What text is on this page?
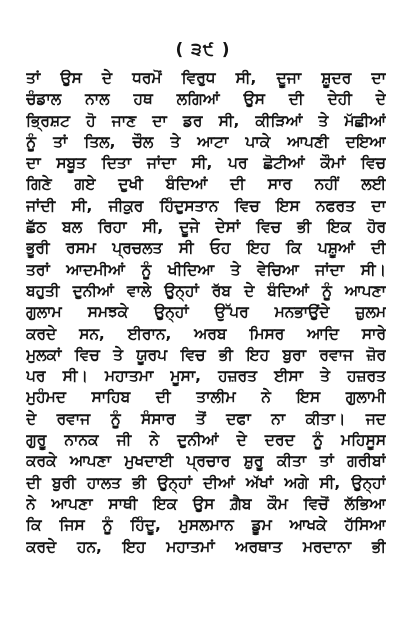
( ੩੯ )
ਤਾਂ ਉਸ ਦੇ ਧਰਮੋਂ ਵਿਰੁਧ ਸੀ, ਦੂਜਾ ਸ਼ੂਦਰ ਦਾ
ਚੰਡਾਲ ਨਾਲ ਹਥ ਲਗਿਆਂ ਉਸ ਦੀ ਦੇਹੀ ਦੇ
ਭ੍ਰਿਸ਼ਟ ਹੋ ਜਾਣ ਦਾ ਡਰ ਸੀ, ਕੀੜਿਆਂ ਤੇ ਮੱਛੀਆਂ
ਨੂੰ ਤਾਂ ਤਿਲ, ਚੌਲ ਤੇ ਆਟਾ ਪਾਕੇ ਆਪਣੀ ਦਇਆ
ਦਾ ਸਬੂਤ ਦਿਤਾ ਜਾਂਦਾ ਸੀ, ਪਰ ਛੋਟੀਆਂ ਕੌਮਾਂ ਵਿਚ
ਗਿਣੇ ਗਏ ਦੁਖੀ ਬੰਦਿਆਂ ਦੀ ਸਾਰ ਨਹੀਂ ਲਈ
ਜਾਂਦੀ ਸੀ, ਜੀਕੁਰ ਹਿੰਦੁਸਤਾਨ ਵਿਚ ਇਸ ਨਫਰਤ ਦਾ
ਛੱਠ ਬਲ ਰਿਹਾ ਸੀ, ਦੂਜੇ ਦੇਸਾਂ ਵਿਚ ਭੀ ਇਕ ਹੋਰ
ਭੂਰੀ ਰਸਮ ਪ੍ਰਚਲਤ ਸੀ ਓਹ ਇਹ ਕਿ ਪਸ਼ੂਆਂ ਦੀ
ਤਰਾਂ ਆਦਮੀਆਂ ਨੂੰ ਖੀਦਿਆ ਤੇ ਵੇਚਿਆ ਜਾਂਦਾ ਸੀ।
ਬਹੁਤੀ ਦੁਨੀਆਂ ਵਾਲੇ ਉਨ੍ਹਾਂ ਰੱਬ ਦੇ ਬੰਦਿਆਂ ਨੂੰ ਆਪਣਾ
ਗੁਲਾਮ ਸਮਝਕੇ ਉਨ੍ਹਾਂ ਉੱਪਰ ਮਨਭਾਉਂਦੇ ਜ਼ੁਲਮ
ਕਰਦੇ ਸਨ, ਈਰਾਨ, ਅਰਬ ਮਿਸਰ ਆਦਿ ਸਾਰੇ
ਮੁਲਕਾਂ ਵਿਚ ਤੇ ਯੂਰਪ ਵਿਚ ਭੀ ਇਹ ਬੁਰਾ ਰਵਾਜ ਜ਼ੋਰ
ਪਰ ਸੀ। ਮਹਾਤਮਾ ਮੂਸਾ, ਹਜ਼ਰਤ ਈਸਾ ਤੇ ਹਜ਼ਰਤ
ਮੁਹੰਮਦ ਸਾਹਿਬ ਦੀ ਤਾਲੀਮ ਨੇ ਇਸ ਗੁਲਾਮੀ
ਦੇ ਰਵਾਜ ਨੂੰ ਸੰਸਾਰ ਤੋਂ ਦਫਾ ਨਾ ਕੀਤਾ। ਜਦ
ਗੁਰੂ ਨਾਨਕ ਜੀ ਨੇ ਦੁਨੀਆਂ ਦੇ ਦਰਦ ਨੂੰ ਮਹਿਸੂਸ
ਕਰਕੇ ਆਪਣਾ ਮੁਖਦਾਈ ਪ੍ਰਚਾਰ ਸ਼ੁਰੂ ਕੀਤਾ ਤਾਂ ਗਰੀਬਾਂ
ਦੀ ਬੁਰੀ ਹਾਲਤ ਭੀ ਉਨ੍ਹਾਂ ਦੀਆਂ ਅੱਖਾਂ ਅਗੇ ਸੀ, ਉਨ੍ਹਾਂ
ਨੇ ਆਪਣਾ ਸਾਥੀ ਇਕ ਉਸ ਗ਼ੈਬ ਕੌਮ ਵਿਚੋਂ ਲੱਭਿਆ
ਕਿ ਜਿਸ ਨੂੰ ਹਿੰਦੂ, ਮੁਸਲਮਾਨ ਡੂਮ ਆਖਕੇ ਹੱਸਿਆ
ਕਰਦੇ ਹਨ, ਇਹ ਮਹਾਤਮਾਂ ਅਰਥਾਤ ਮਰਦਾਨਾ ਭੀ
